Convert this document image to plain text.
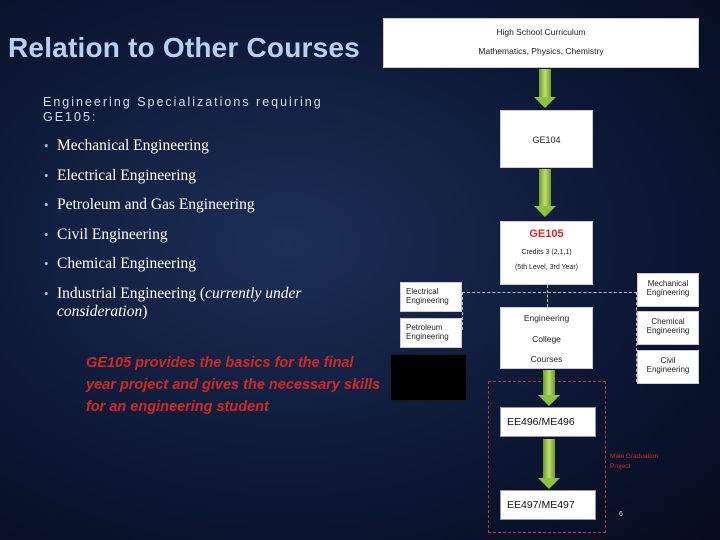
Relation to Other Courses
Engineering Specializations requiring GE105:
• Mechanical Engineering
• Electrical Engineering
• Petroleum and Gas Engineering
• Civil Engineering
• Chemical Engineering
• Industrial Engineering (currently under consideration)
GE105 provides the basics for the final year project and gives the necessary skills for an engineering student
High School Curriculum
Mathematics, Physics, Chemistry
GE104
GE105
Credits 3 (2,1,1)
(5th Level, 3rd Year)
Electrical Engineering
Petroleum Engineering
Engineering
College
Courses
Mechanical Engineering
Chemical Engineering
Civil Engineering
EE496/ME496
EE497/ME497
Main Graduation Project
6
